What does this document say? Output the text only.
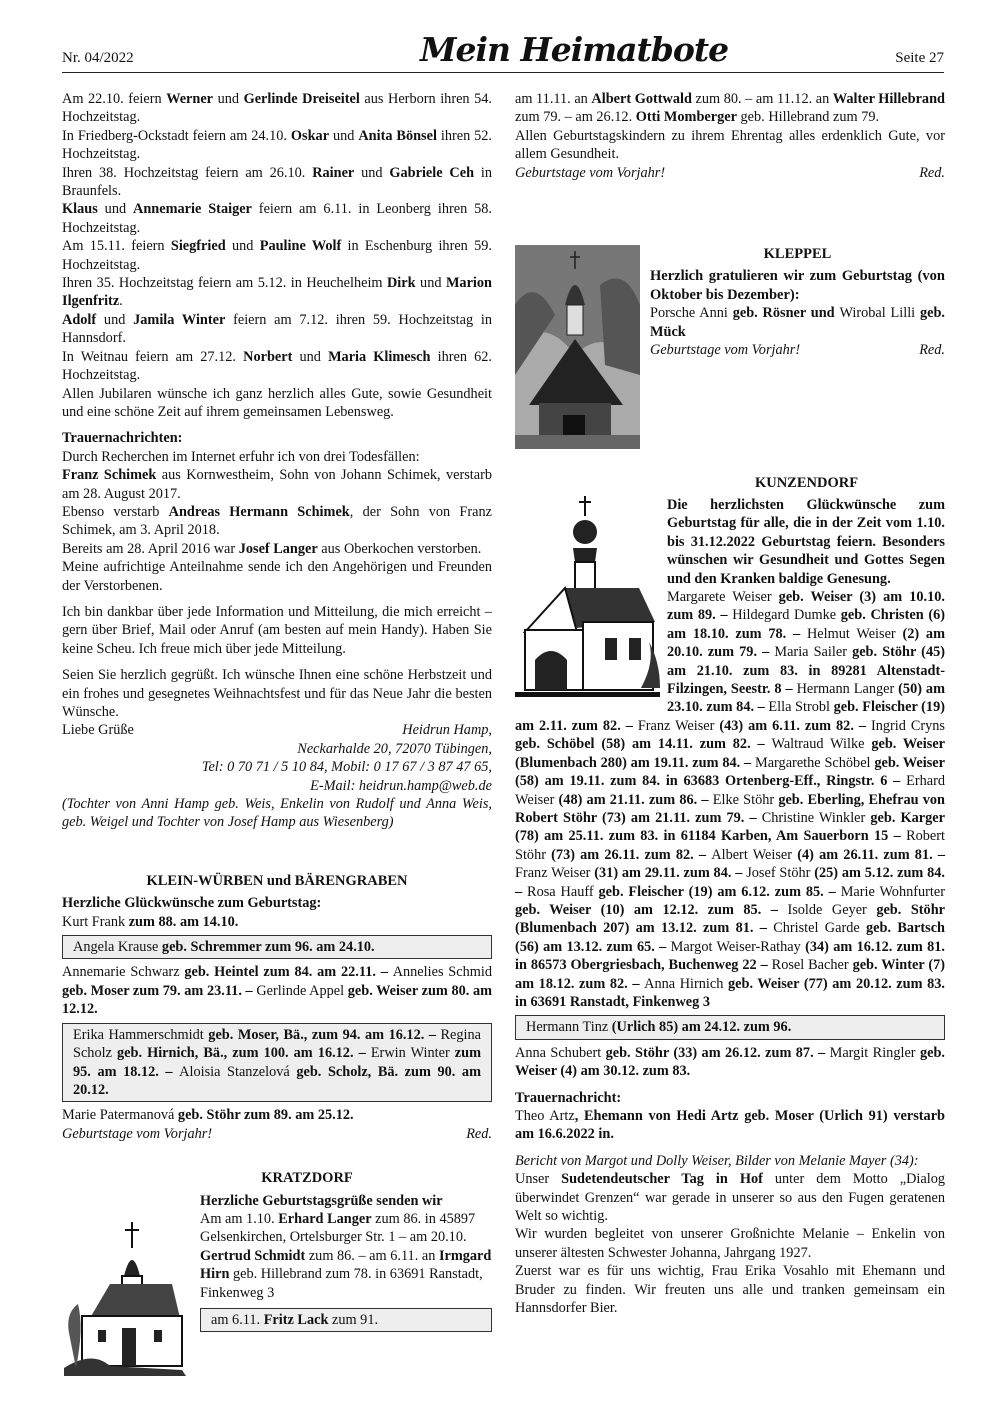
Nr. 04/2022	Mein Heimatbote	Seite 27

Am 22.10. feiern Werner und Gerlinde Dreiseitel aus Herborn ihren 54. Hochzeitstag.

In Friedberg-Ockstadt feiern am 24.10. Oskar und Anita Bönsel ihren 52. Hochzeitstag.

Ihren 38. Hochzeitstag feiern am 26.10. Rainer und Gabriele Ceh in Braunfels.

Klaus und Annemarie Staiger feiern am 6.11. in Leonberg ihren 58. Hochzeitstag.

Am 15.11. feiern Siegfried und Pauline Wolf in Eschenburg ihren 59. Hochzeitstag.

Ihren 35. Hochzeitstag feiern am 5.12. in Heuchelheim Dirk und Marion Ilgenfritz.

Adolf und Jamila Winter feiern am 7.12. ihren 59. Hochzeitstag in Hannsdorf.

In Weitnau feiern am 27.12. Norbert und Maria Klimesch ihren 62. Hochzeitstag.

Allen Jubilaren wünsche ich ganz herzlich alles Gute, sowie Gesundheit und eine schöne Zeit auf ihrem gemeinsamen Lebensweg.

Trauernachrichten:

Durch Recherchen im Internet erfuhr ich von drei Todesfällen:

Franz Schimek aus Kornwestheim, Sohn von Johann Schimek, verstarb am 28. August 2017.

Ebenso verstarb Andreas Hermann Schimek, der Sohn von Franz Schimek, am 3. April 2018.

Bereits am 28. April 2016 war Josef Langer aus Oberkochen verstorben.

Meine aufrichtige Anteilnahme sende ich den Angehörigen und Freunden der Verstorbenen.

Ich bin dankbar über jede Information und Mitteilung, die mich erreicht – gern über Brief, Mail oder Anruf (am besten auf mein Handy). Haben Sie keine Scheu. Ich freue mich über jede Mitteilung.

Seien Sie herzlich gegrüßt. Ich wünsche Ihnen eine schöne Herbstzeit und ein frohes und gesegnetes Weihnachtsfest und für das Neue Jahr die besten Wünsche.

Liebe Grüße	Heidrun Hamp,

Neckarhalde 20, 72070 Tübingen,

Tel: 0 70 71 / 5 10 84, Mobil: 0 17 67 / 3 87 47 65,

E-Mail: heidrun.hamp@web.de

(Tochter von Anni Hamp geb. Weis, Enkelin von Rudolf und Anna Weis, geb. Weigel und Tochter von Josef Hamp aus Wiesenberg)

KLEIN-WÜRBEN und BÄRENGRABEN

Herzliche Glückwünsche zum Geburtstag:

Kurt Frank zum 88. am 14.10.

Angela Krause geb. Schremmer zum 96. am 24.10.

Annemarie Schwarz geb. Heintel zum 84. am 22.11. – Annelies Schmid geb. Moser zum 79. am 23.11. – Gerlinde Appel geb. Weiser zum 80. am 12.12.

Erika Hammerschmidt geb. Moser, Bä., zum 94. am 16.12. – Regina Scholz geb. Hirnich, Bä., zum 100. am 16.12. – Erwin Winter zum 95. am 18.12. – Aloisia Stanzelová geb. Scholz, Bä. zum 90. am 20.12.

Marie Patermanová geb. Stöhr zum 89. am 25.12.

Geburtstage vom Vorjahr!	Red.

KRATZDORF

Herzliche Geburtstagsgrüße senden wir

Am am 1.10. Erhard Langer zum 86. in 45897 Gelsenkirchen, Ortelsburger Str. 1 – am 20.10. Gertrud Schmidt zum 86. – am 6.11. an Irmgard Hirn geb. Hillebrand zum 78. in 63691 Ranstadt, Finkenweg 3

am 6.11. Fritz Lack zum 91.

am 11.11. an Albert Gottwald zum 80. – am 11.12. an Walter Hillebrand zum 79. – am 26.12. Otti Momberger geb. Hillebrand zum 79.

Allen Geburtstagskindern zu ihrem Ehrentag alles erdenklich Gute, vor allem Gesundheit.

Geburtstage vom Vorjahr!	Red.

KLEPPEL

Herzlich gratulieren wir zum Geburtstag (von Oktober bis Dezember):

Porsche Anni geb. Rösner und Wirobal Lilli geb. Mück

Geburtstage vom Vorjahr!	Red.

KUNZENDORF

Die herzlichsten Glückwünsche zum Geburtstag für alle, die in der Zeit vom 1.10. bis 31.12.2022 Geburtstag feiern. Besonders wünschen wir Gesundheit und Gottes Segen und den Kranken baldige Genesung.

Margarete Weiser geb. Weiser (3) am 10.10. zum 89. – Hildegard Dumke geb. Christen (6) am 18.10. zum 78. – Helmut Weiser (2) am 20.10. zum 79. – Maria Sailer geb. Stöhr (45) am 21.10. zum 83. in 89281 Altenstadt-Filzingen, Seestr. 8 – Hermann Langer (50) am 23.10. zum 84. – Ella Strobl geb. Fleischer (19) am 2.11. zum 82. – Franz Weiser (43) am 6.11. zum 82. – Ingrid Cryns geb. Schöbel (58) am 14.11. zum 82. – Waltraud Wilke geb. Weiser (Blumenbach 280) am 19.11. zum 84. – Margarethe Schöbel geb. Weiser (58) am 19.11. zum 84. in 63683 Ortenberg-Eff., Ringstr. 6 – Erhard Weiser (48) am 21.11. zum 86. – Elke Stöhr geb. Eberling, Ehefrau von Robert Stöhr (73) am 21.11. zum 79. – Christine Winkler geb. Karger (78) am 25.11. zum 83. in 61184 Karben, Am Sauerborn 15 – Robert Stöhr (73) am 26.11. zum 82. – Albert Weiser (4) am 26.11. zum 81. – Franz Weiser (31) am 29.11. zum 84. – Josef Stöhr (25) am 5.12. zum 84. – Rosa Hauff geb. Fleischer (19) am 6.12. zum 85. – Marie Wohnfurter geb. Weiser (10) am 12.12. zum 85. – Isolde Geyer geb. Stöhr (Blumenbach 207) am 13.12. zum 81. – Christel Garde geb. Bartsch (56) am 13.12. zum 65. – Margot Weiser-Rathay (34) am 16.12. zum 81. in 86573 Obergriesbach, Buchenweg 22 – Rosel Bacher geb. Winter (7) am 18.12. zum 82. – Anna Hirnich geb. Weiser (77) am 20.12. zum 83. in 63691 Ranstadt, Finkenweg 3

Hermann Tinz (Urlich 85) am 24.12. zum 96.

Anna Schubert geb. Stöhr (33) am 26.12. zum 87. – Margit Ringler geb. Weiser (4) am 30.12. zum 83.

Trauernachricht:

Theo Artz, Ehemann von Hedi Artz geb. Moser (Urlich 91) verstarb am 16.6.2022 in.

Bericht von Margot und Dolly Weiser, Bilder von Melanie Mayer (34):

Unser Sudetendeutscher Tag in Hof unter dem Motto „Dialog überwindet Grenzen“ war gerade in unserer so aus den Fugen geratenen Welt so wichtig.

Wir wurden begleitet von unserer Großnichte Melanie – Enkelin von unserer ältesten Schwester Johanna, Jahrgang 1927.

Zuerst war es für uns wichtig, Frau Erika Vosahlo mit Ehemann und Bruder zu finden. Wir freuten uns alle und tranken gemeinsam ein Hannsdorfer Bier.
